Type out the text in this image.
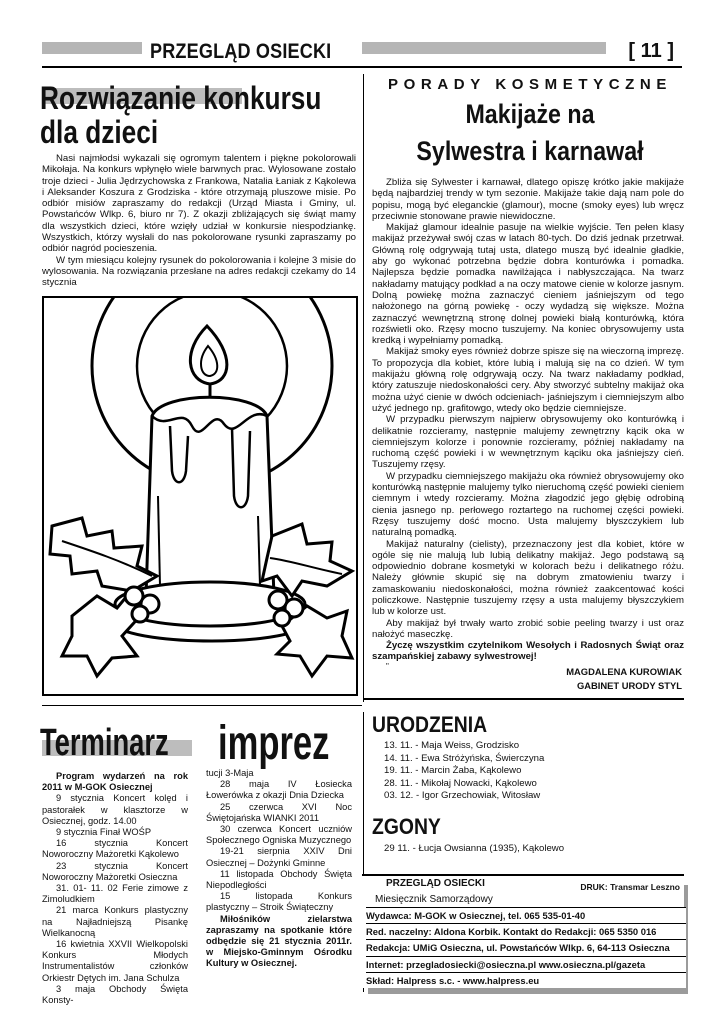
PRZEGLĄD OSIECKI	[ 11 ]
Rozwiązanie konkursu
dla dzieci

Nasi najmłodsi wykazali się ogromym talentem i piękne pokolorowali Mikołaja. Na konkurs wpłynęło wiele barwnych prac. Wylosowane zostało troje dzieci - Julia Jędrzychowska z Frankowa, Natalia Łaniak z Kąkolewa i Aleksander Koszura z Grodziska - które otrzymają pluszowe misie. Po odbiór misiów zapraszamy do redakcji (Urząd Miasta i Gminy, ul. Powstańców Wlkp. 6, biuro nr 7). Z okazji zbliżających się świąt mamy dla wszystkich dzieci, które wzięły udział w konkursie niespodziankę. Wszystkich, którzy wysłali do nas pokolorowane rysunki zapraszamy po odbiór nagród pocieszenia.

W tym miesiącu kolejny rysunek do pokolorowania i kolejne 3 misie do wylosowania. Na rozwiązania przesłane na adres redakcji czekamy do 14 stycznia

PORADY KOSMETYCZNE
Makijaże na
Sylwestra i karnawał

Zbliża się Sylwester i karnawał, dlatego opiszę krótko jakie makijaże będą najbardziej trendy w tym sezonie. Makijaże takie dają nam pole do popisu, mogą być eleganckie (glamour), mocne (smoky eyes) lub wręcz przeciwnie stonowane prawie niewidoczne.

Makijaż glamour idealnie pasuje na wielkie wyjście. Ten pełen klasy makijaż przeżywał swój czas w latach 80-tych. Do dziś jednak przetrwał. Główną rolę odgrywają tutaj usta, dlatego muszą być idealnie gładkie, aby go wykonać potrzebna będzie dobra konturówka i pomadka. Najlepsza będzie pomadka nawilżająca i nabłyszczająca. Na twarz nakładamy matujący podkład a na oczy matowe cienie w kolorze jasnym. Dolną powiekę można zaznaczyć cieniem jaśniejszym od tego nałożonego na górną powiekę - oczy wydadzą się większe. Można zaznaczyć wewnętrzną stronę dolnej powieki białą konturówką, która rozświetli oko. Rzęsy mocno tuszujemy. Na koniec obrysowujemy usta kredką i wypełniamy pomadką.

Makijaż smoky eyes również dobrze spisze się na wieczorną imprezę. To propozycja dla kobiet, które lubią i malują się na co dzień. W tym makijażu główną rolę odgrywają oczy. Na twarz nakładamy podkład, który zatuszuje niedoskonałości cery. Aby stworzyć subtelny makijaż oka można użyć cienie w dwóch odcieniach- jaśniejszym i ciemniejszym albo użyć jednego np. grafitowgo, wtedy oko będzie ciemniejsze.

W przypadku pierwszym najpierw obrysowujemy oko konturówką i delikatnie rozcieramy, następnie malujemy zewnętrzny kącik oka w ciemniejszym kolorze i ponownie rozcieramy, później nakładamy na ruchomą część powieki i w wewnętrznym kąciku oka jaśniejszy cień. Tuszujemy rzęsy.

W przypadku ciemniejszego makijażu oka również obrysowujemy oko konturówką następnie malujemy tylko nieruchomą część powieki cieniem ciemnym i wtedy rozcieramy. Można złagodzić jego głębię odrobiną cienia jasnego np. perłowego roztartego na ruchomej części powieki. Rzęsy tuszujemy dość mocno. Usta malujemy błyszczykiem lub naturalną pomadką.

Makijaż naturalny (cielisty), przeznaczony jest dla kobiet, które w ogóle się nie malują lub lubią delikatny makijaż. Jego podstawą są odpowiednio dobrane kosmetyki w kolorach beżu i delikatnego różu. Należy głównie skupić się na dobrym zmatowieniu twarzy i zamaskowaniu niedoskonałości, można również zaakcentować kości policzkowe. Następnie tuszujemy rzęsy a usta malujemy błyszczykiem lub w kolorze ust.

Aby makijaż był trwały warto zrobić sobie peeling twarzy i ust oraz nałożyć maseczkę.

Życzę wszystkim czytelnikom Wesołych i Radosnych Świąt oraz szampańskiej zabawy sylwestrowej!

"	MAGDALENA KUROWIAK
GABINET URODY STYL
Terminarz imprez

Program wydarzeń na rok 2011 w M-GOK Osiecznej

9 stycznia Koncert kolęd i pastorałek w klasztorze w Osiecznej, godz. 14.00

9 stycznia Finał WOŚP

16 stycznia Koncert Noworoczny Mażoretki Kąkolewo

23 stycznia Koncert Noworoczny Mażoretki Osieczna

31. 01- 11. 02 Ferie zimowe z Zimoludkiem

21 marca Konkurs plastyczny na Najładniejszą Pisankę Wielkanocną

16 kwietnia XXVII Wielkopolski Konkurs Młodych Instrumentalistów członków Orkiestr Dętych im. Jana Schulza

3 maja Obchody Święta Konsty-

tucji 3-Maja

28 maja IV Łosiecka Łowerówka z okazji Dnia Dziecka

25 czerwca XVI Noc Świętojańska WIANKI 2011

30 czerwca Koncert uczniów Społecznego Ogniska Muzycznego

19-21 sierpnia XXIV Dni Osiecznej – Dożynki Gminne

11 listopada Obchody Święta Niepodległości

15 listopada Konkurs plastyczny – Stroik Świąteczny

Miłośników zielarstwa zapraszamy na spotkanie które odbędzie się 21 stycznia 2011r. w Miejsko-Gminnym Ośrodku Kultury w Osiecznej.

URODZENIA
13. 11. - Maja Weiss, Grodzisko
14. 11. - Ewa Stróżyńska, Świerczyna
19. 11. - Marcin Żaba, Kąkolewo
28. 11. - Mikołaj Nowacki, Kąkolewo
03. 12. - Igor Grzechowiak, Witosław
ZGONY
29 11. - Łucja Owsianna (1935), Kąkolewo
PRZEGLĄD OSIECKI	DRUK: Transmar Leszno
Miesięcznik Samorządowy
Wydawca: M-GOK w Osiecznej, tel. 065 535-01-40
Red. naczelny: Aldona Korbik. Kontakt do Redakcji: 065 5350 016
Redakcja: UMiG Osieczna, ul. Powstańców Wlkp. 6, 64-113 Osieczna
Internet: przegladosiecki@osieczna.pl www.osieczna.pl/gazeta
Skład: Halpress s.c. - www.halpress.eu
